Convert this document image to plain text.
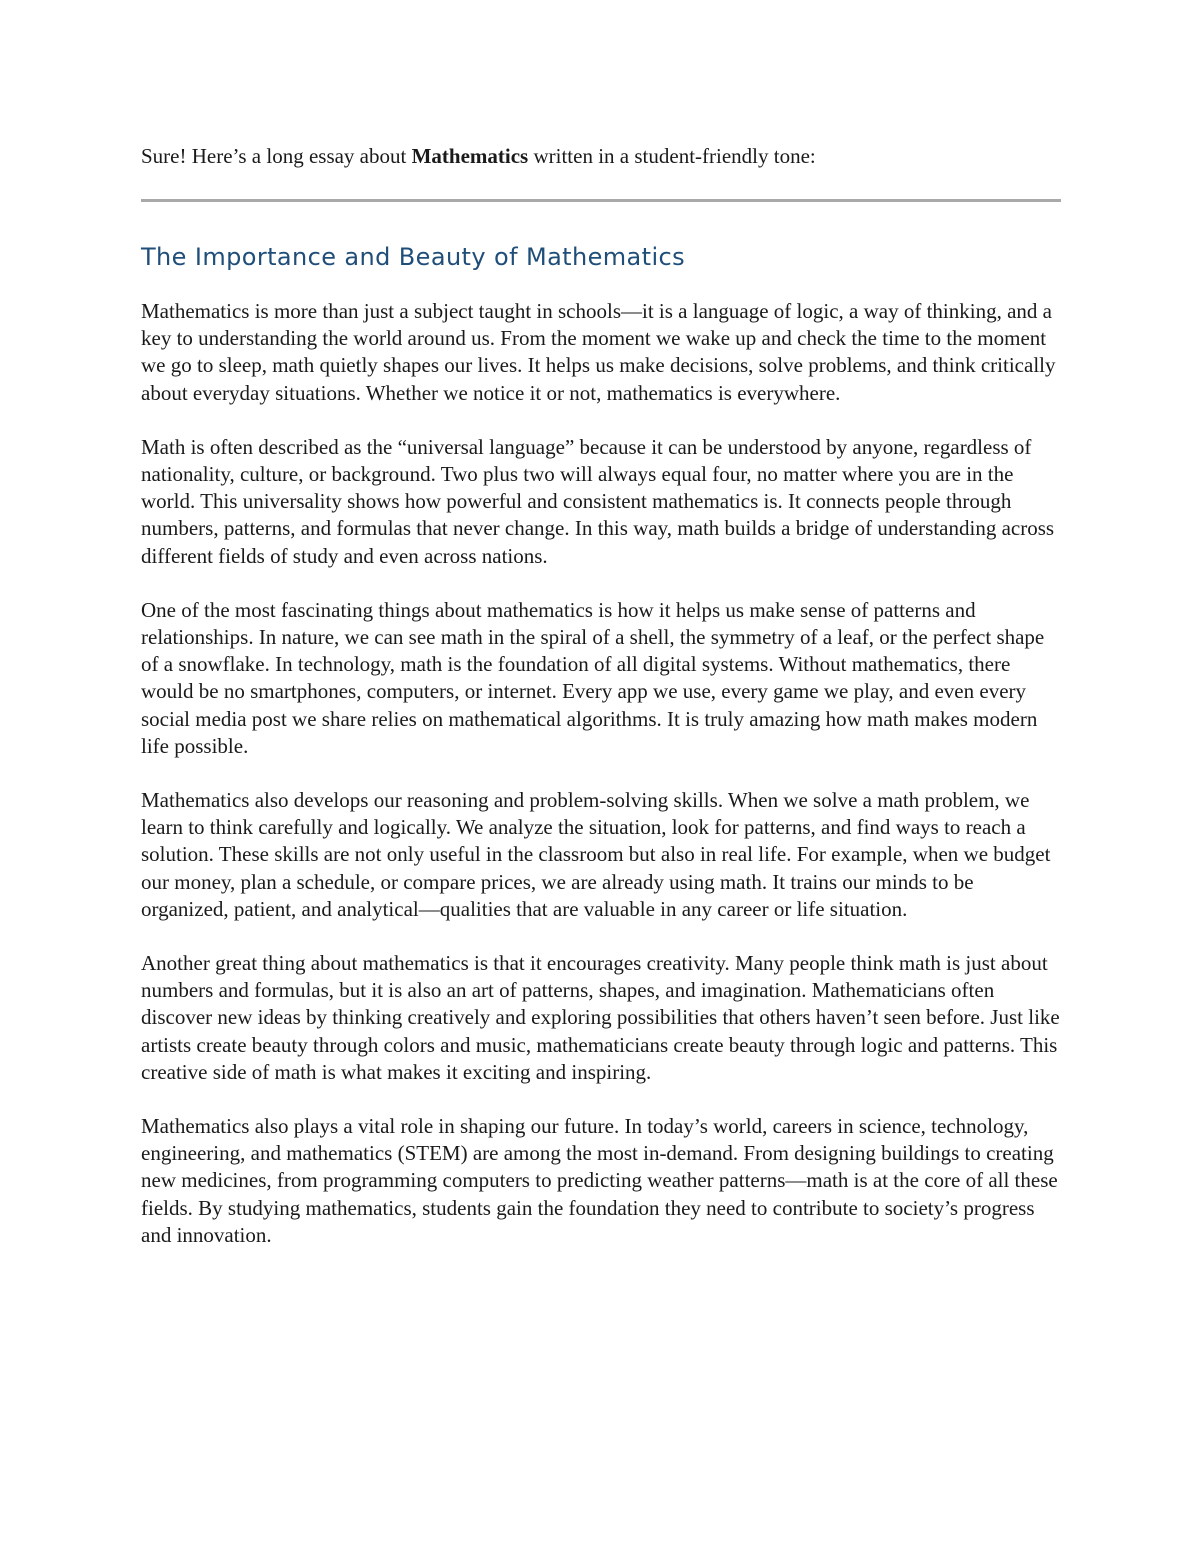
Sure! Here’s a long essay about Mathematics written in a student-friendly tone:

The Importance and Beauty of Mathematics

Mathematics is more than just a subject taught in schools—it is a language of logic, a way of thinking, and a key to understanding the world around us. From the moment we wake up and check the time to the moment we go to sleep, math quietly shapes our lives. It helps us make decisions, solve problems, and think critically about everyday situations. Whether we notice it or not, mathematics is everywhere.

Math is often described as the “universal language” because it can be understood by anyone, regardless of nationality, culture, or background. Two plus two will always equal four, no matter where you are in the world. This universality shows how powerful and consistent mathematics is. It connects people through numbers, patterns, and formulas that never change. In this way, math builds a bridge of understanding across different fields of study and even across nations.

One of the most fascinating things about mathematics is how it helps us make sense of patterns and relationships. In nature, we can see math in the spiral of a shell, the symmetry of a leaf, or the perfect shape of a snowflake. In technology, math is the foundation of all digital systems. Without mathematics, there would be no smartphones, computers, or internet. Every app we use, every game we play, and even every social media post we share relies on mathematical algorithms. It is truly amazing how math makes modern life possible.

Mathematics also develops our reasoning and problem-solving skills. When we solve a math problem, we learn to think carefully and logically. We analyze the situation, look for patterns, and find ways to reach a solution. These skills are not only useful in the classroom but also in real life. For example, when we budget our money, plan a schedule, or compare prices, we are already using math. It trains our minds to be organized, patient, and analytical—qualities that are valuable in any career or life situation.

Another great thing about mathematics is that it encourages creativity. Many people think math is just about numbers and formulas, but it is also an art of patterns, shapes, and imagination. Mathematicians often discover new ideas by thinking creatively and exploring possibilities that others haven’t seen before. Just like artists create beauty through colors and music, mathematicians create beauty through logic and patterns. This creative side of math is what makes it exciting and inspiring.

Mathematics also plays a vital role in shaping our future. In today’s world, careers in science, technology, engineering, and mathematics (STEM) are among the most in-demand. From designing buildings to creating new medicines, from programming computers to predicting weather patterns—math is at the core of all these fields. By studying mathematics, students gain the foundation they need to contribute to society’s progress and innovation.
